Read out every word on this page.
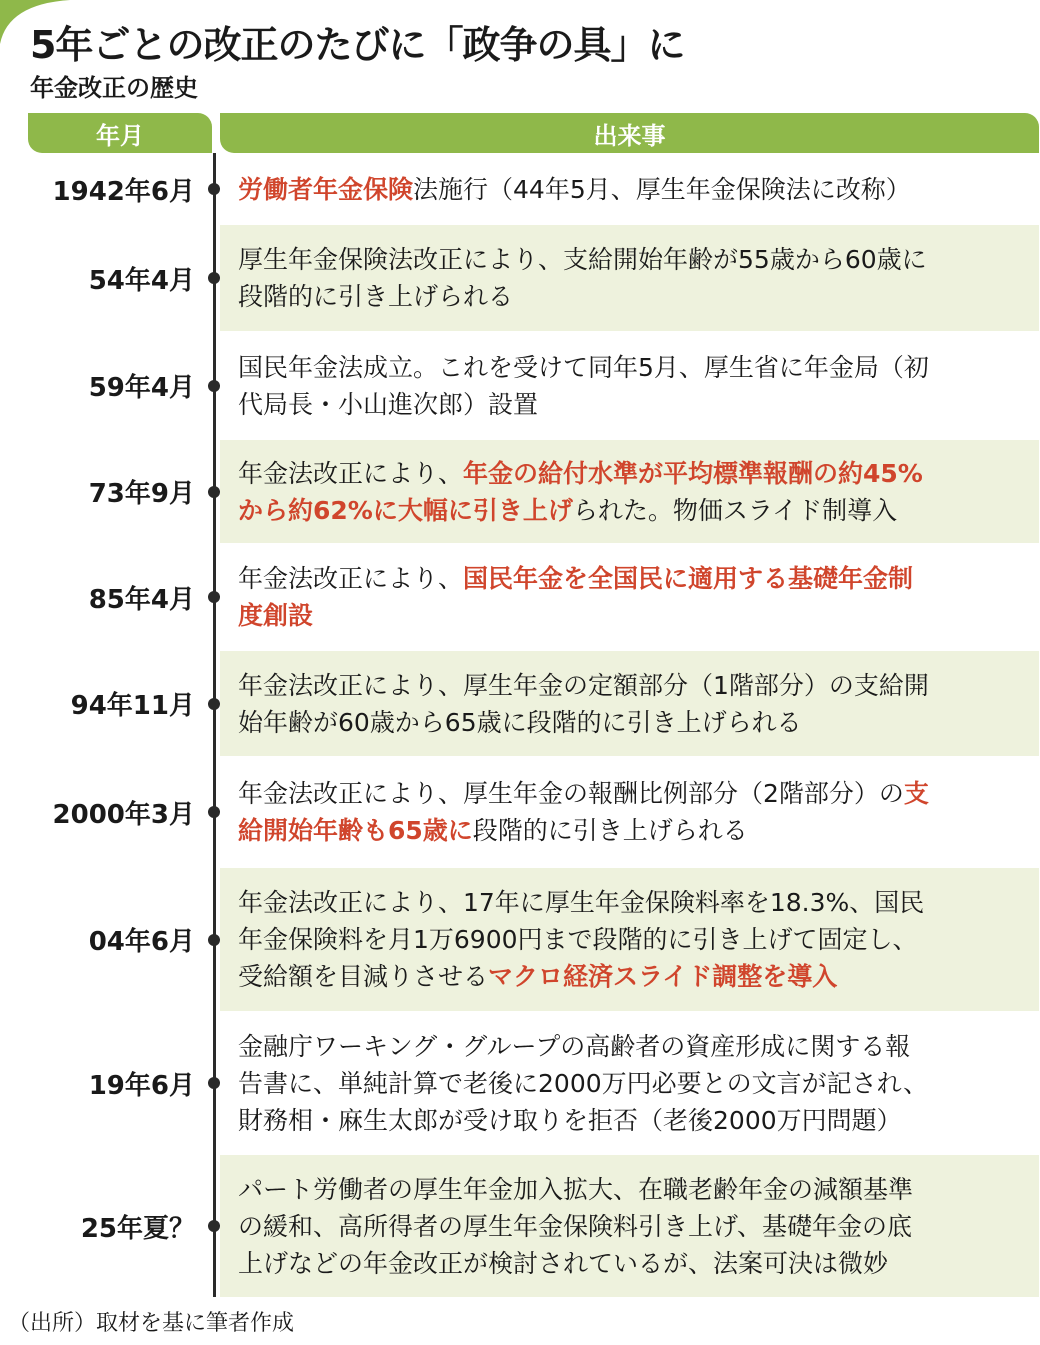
5年ごとの改正のたびに「政争の具」に
年金改正の歴史
年月	出来事
1942年6月 労働者年金保険法施行（44年5月、厚生年金保険法に改称）
54年4月
厚生年金保険法改正により、支給開始年齢が55歳から60歳に
段階的に引き上げられる
59年4月
国民年金法成立。これを受けて同年5月、厚生省に年金局（初
代局長・小山進次郎）設置
73年9月
年金法改正により、年金の給付水準が平均標準報酬の約45%
から約62%に大幅に引き上げられた。物価スライド制導入
85年4月
年金法改正により、国民年金を全国民に適用する基礎年金制
度創設
94年11月
年金法改正により、厚生年金の定額部分（1階部分）の支給開
始年齢が60歳から65歳に段階的に引き上げられる
2000年3月
年金法改正により、厚生年金の報酬比例部分（2階部分）の支
給開始年齢も65歳に段階的に引き上げられる
04年6月
年金法改正により、17年に厚生年金保険料率を18.3%、国民
年金保険料を月1万6900円まで段階的に引き上げて固定し、
受給額を目減りさせるマクロ経済スライド調整を導入
19年6月
金融庁ワーキング・グループの高齢者の資産形成に関する報
告書に、単純計算で老後に2000万円必要との文言が記され、
財務相・麻生太郎が受け取りを拒否（老後2000万円問題）
25年夏？
パート労働者の厚生年金加入拡大、在職老齢年金の減額基準
の緩和、高所得者の厚生年金保険料引き上げ、基礎年金の底
上げなどの年金改正が検討されているが、法案可決は微妙

（出所）取材を基に筆者作成
